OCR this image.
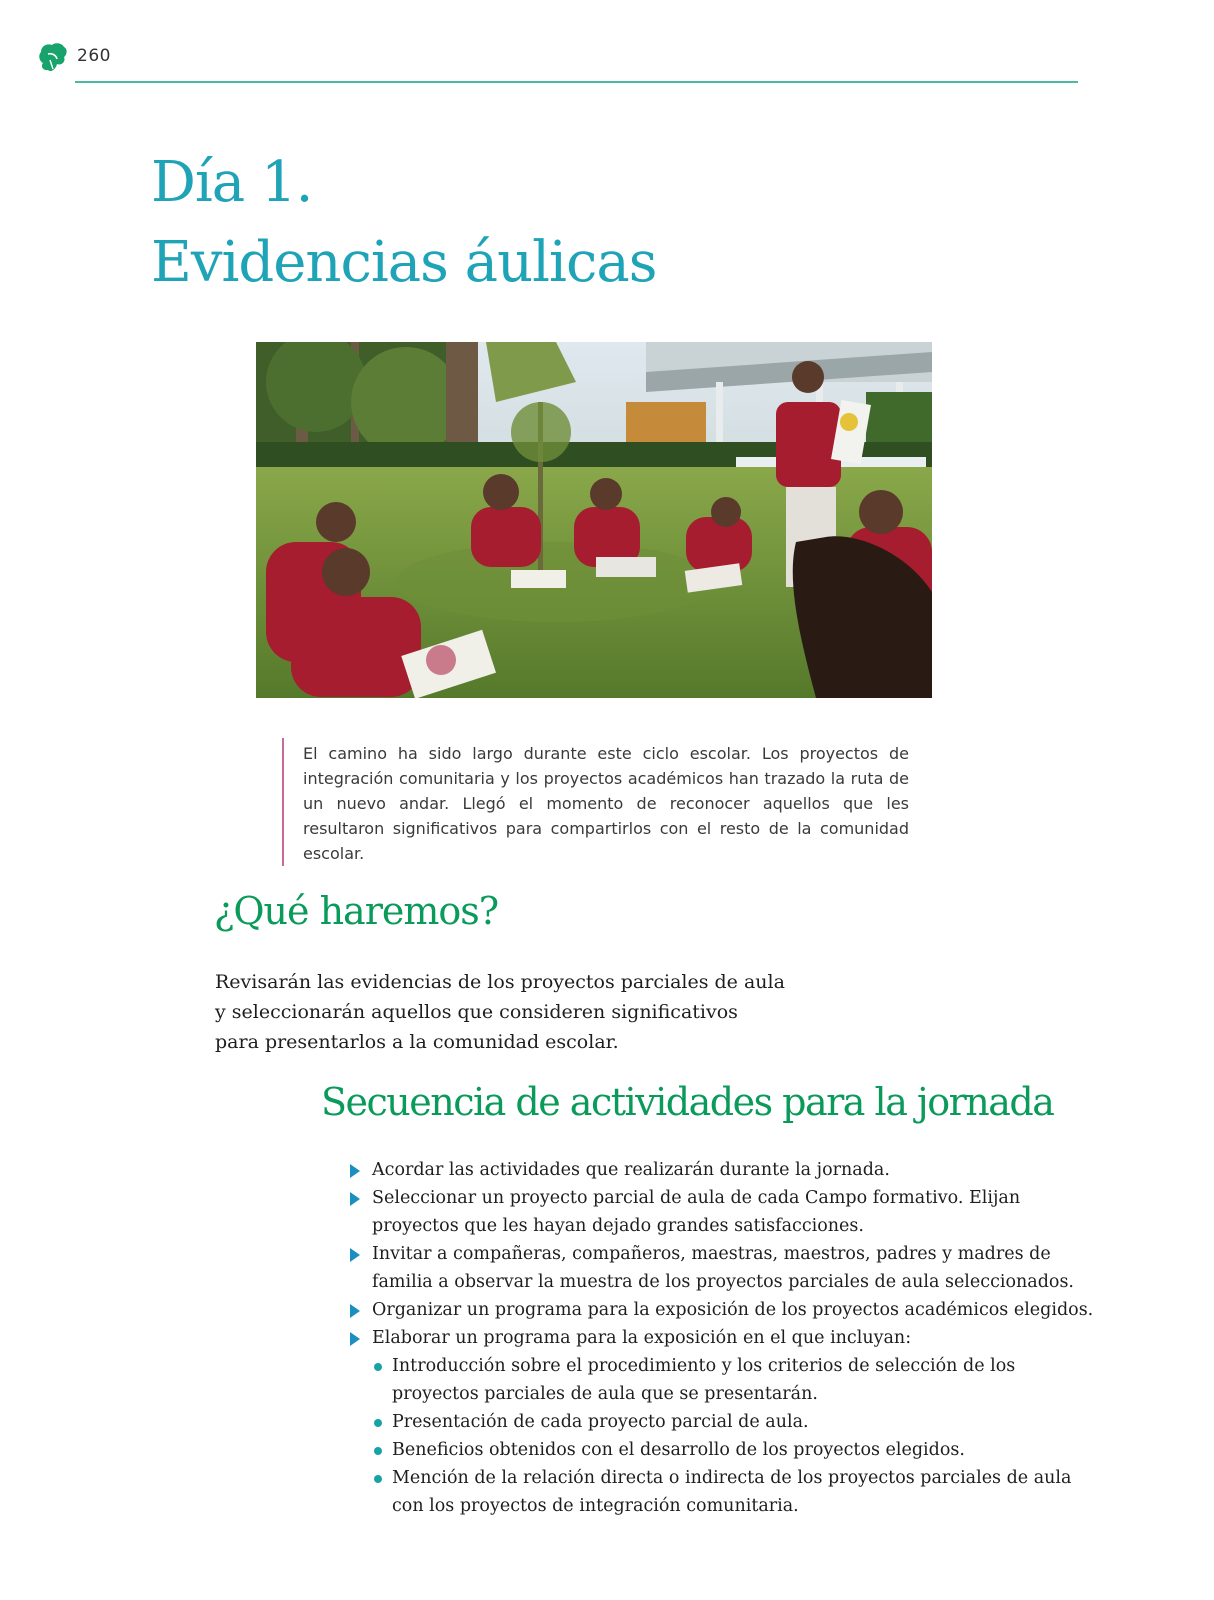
260
Día 1.
Evidencias áulicas
El camino ha sido largo durante este ciclo escolar. Los proyectos de integración comunitaria y los proyectos académicos han trazado la ruta de un nuevo andar. Llegó el momento de reconocer aquellos que les resultaron significativos para compartirlos con el resto de la comunidad escolar.
¿Qué haremos?
Revisarán las evidencias de los proyectos parciales de aula
y seleccionarán aquellos que consideren significativos
para presentarlos a la comunidad escolar.
Secuencia de actividades para la jornada
Acordar las actividades que realizarán durante la jornada.
Seleccionar un proyecto parcial de aula de cada Campo formativo. Elijan
proyectos que les hayan dejado grandes satisfacciones.
Invitar a compañeras, compañeros, maestras, maestros, padres y madres de
familia a observar la muestra de los proyectos parciales de aula seleccionados.
Organizar un programa para la exposición de los proyectos académicos elegidos.
Elaborar un programa para la exposición en el que incluyan:
Introducción sobre el procedimiento y los criterios de selección de los
proyectos parciales de aula que se presentarán.
Presentación de cada proyecto parcial de aula.
Beneficios obtenidos con el desarrollo de los proyectos elegidos.
Mención de la relación directa o indirecta de los proyectos parciales de aula
con los proyectos de integración comunitaria.
